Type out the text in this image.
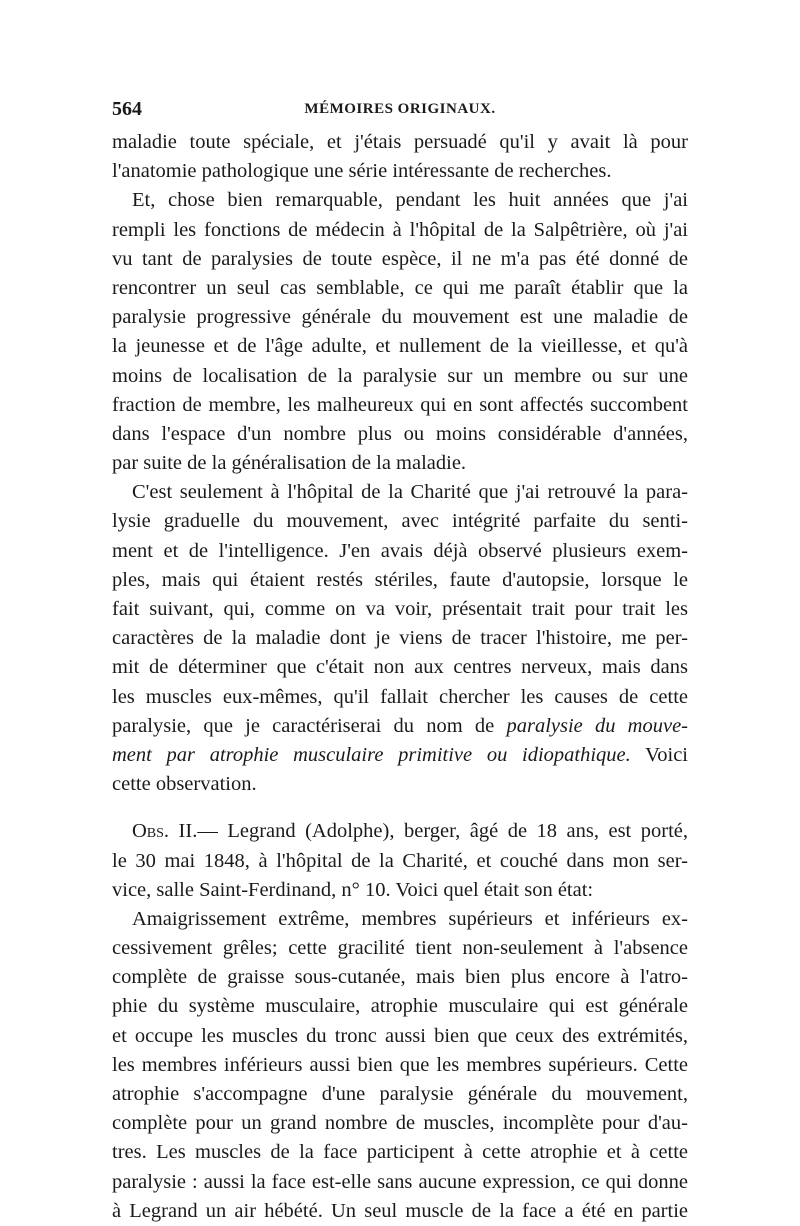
564	MÉMOIRES ORIGINAUX.
maladie toute spéciale, et j'étais persuadé qu'il y avait là pour
l'anatomie pathologique une série intéressante de recherches.
Et, chose bien remarquable, pendant les huit années que j'ai
rempli les fonctions de médecin à l'hôpital de la Salpêtrière, où j'ai
vu tant de paralysies de toute espèce, il ne m'a pas été donné de
rencontrer un seul cas semblable, ce qui me paraît établir que la
paralysie progressive générale du mouvement est une maladie de
la jeunesse et de l'âge adulte, et nullement de la vieillesse, et qu'à
moins de localisation de la paralysie sur un membre ou sur une
fraction de membre, les malheureux qui en sont affectés succombent
dans l'espace d'un nombre plus ou moins considérable d'années,
par suite de la généralisation de la maladie.
C'est seulement à l'hôpital de la Charité que j'ai retrouvé la para-
lysie graduelle du mouvement, avec intégrité parfaite du senti-
ment et de l'intelligence. J'en avais déjà observé plusieurs exem-
ples, mais qui étaient restés stériles, faute d'autopsie, lorsque le
fait suivant, qui, comme on va voir, présentait trait pour trait les
caractères de la maladie dont je viens de tracer l'histoire, me per-
mit de déterminer que c'était non aux centres nerveux, mais dans
les muscles eux-mêmes, qu'il fallait chercher les causes de cette
paralysie, que je caractériserai du nom de paralysie du mouve-
ment par atrophie musculaire primitive ou idiopathique. Voici
cette observation.
Obs. II.— Legrand (Adolphe), berger, âgé de 18 ans, est porté,
le 30 mai 1848, à l'hôpital de la Charité, et couché dans mon ser-
vice, salle Saint-Ferdinand, n° 10. Voici quel était son état:
Amaigrissement extrême, membres supérieurs et inférieurs ex-
cessivement grêles; cette gracilité tient non-seulement à l'absence
complète de graisse sous-cutanée, mais bien plus encore à l'atro-
phie du système musculaire, atrophie musculaire qui est générale
et occupe les muscles du tronc aussi bien que ceux des extrémités,
les membres inférieurs aussi bien que les membres supérieurs. Cette
atrophie s'accompagne d'une paralysie générale du mouvement,
complète pour un grand nombre de muscles, incomplète pour d'au-
tres. Les muscles de la face participent à cette atrophie et à cette
paralysie : aussi la face est-elle sans aucune expression, ce qui donne
à Legrand un air hébété. Un seul muscle de la face a été en partie
